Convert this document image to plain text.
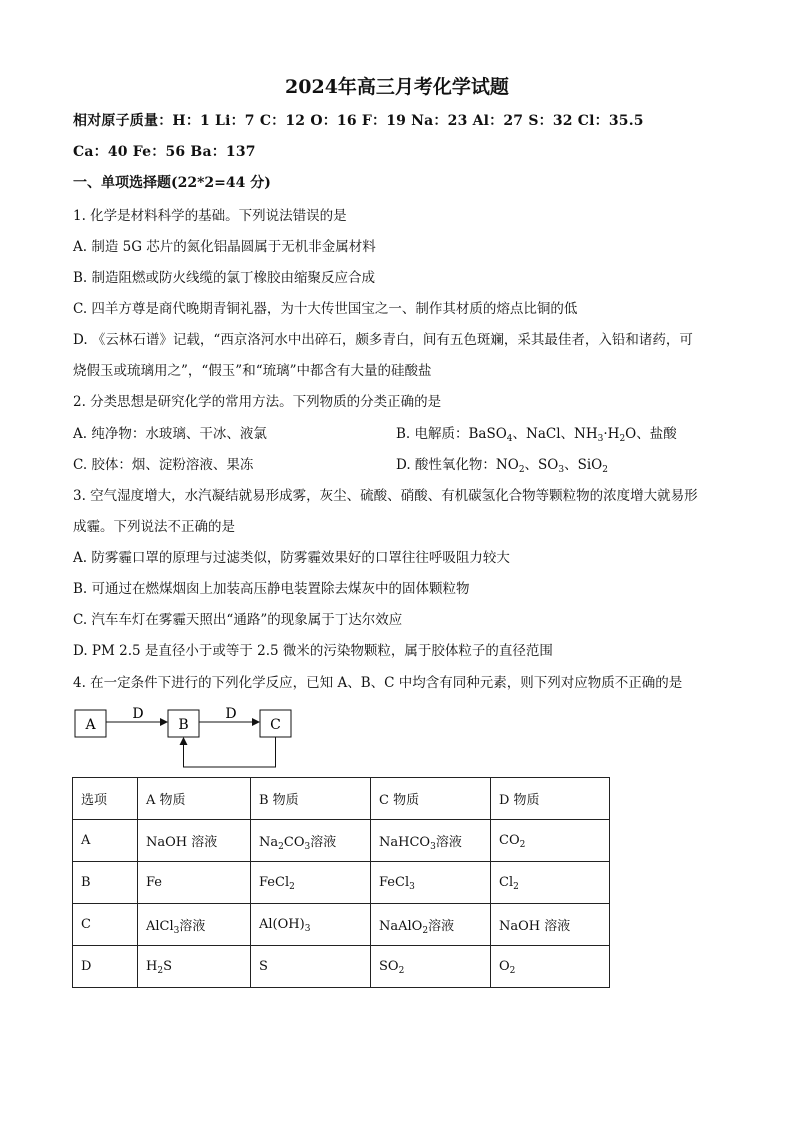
2024年高三月考化学试题
相对原子质量：H：1 Li：7 C：12 O：16 F：19 Na：23 Al：27 S：32 Cl：35.5
Ca：40 Fe：56 Ba：137
一、单项选择题(22*2=44 分)
1. 化学是材料科学的基础。下列说法错误的是
A. 制造 5G 芯片的氮化铝晶圆属于无机非金属材料
B. 制造阻燃或防火线缆的氯丁橡胶由缩聚反应合成
C. 四羊方尊是商代晚期青铜礼器，为十大传世国宝之一、制作其材质的熔点比铜的低
D. 《云林石谱》记载，“西京洛河水中出碎石，颇多青白，间有五色斑斓，采其最佳者，入铅和诸药，可
烧假玉或琉璃用之”，“假玉”和“琉璃”中都含有大量的硅酸盐
2. 分类思想是研究化学的常用方法。下列物质的分类正确的是
A. 纯净物：水玻璃、干冰、液氯	B. 电解质：BaSO$_4$、NaCl、$NH_3\cdot H_2O$、盐酸
C. 胶体：烟、淀粉溶液、果冻	D. 酸性氧化物：$NO_2$、$SO_3$、SiO$_2$
3. 空气湿度增大，水汽凝结就易形成雾，灰尘、硫酸、硝酸、有机碳氢化合物等颗粒物的浓度增大就易形
成霾。下列说法不正确的是
A. 防雾霾口罩的原理与过滤类似，防雾霾效果好的口罩往往呼吸阻力较大
B. 可通过在燃煤烟囱上加装高压静电装置除去煤灰中的固体颗粒物
C. 汽车车灯在雾霾天照出“通路”的现象属于丁达尔效应
D. PM 2.5 是直径小于或等于 2.5 微米的污染物颗粒，属于胶体粒子的直径范围
4. 在一定条件下进行的下列化学反应，已知 A、B、C 中均含有同种元素，则下列对应物质不正确的是
A	B	C
D	D
选项	A 物质	B 物质	C 物质	D 物质
A	NaOH 溶液	$Na_2CO_3$溶液	NaHCO$_3$溶液	$CO_2$
B	Fe	FeCl$_2$	FeCl$_3$	$Cl_2$
C	AlCl$_3$溶液	$Al(OH)_3$	NaAlO$_2$溶液	NaOH 溶液
D	$H_2S$	S	$SO_2$	$O_2$
